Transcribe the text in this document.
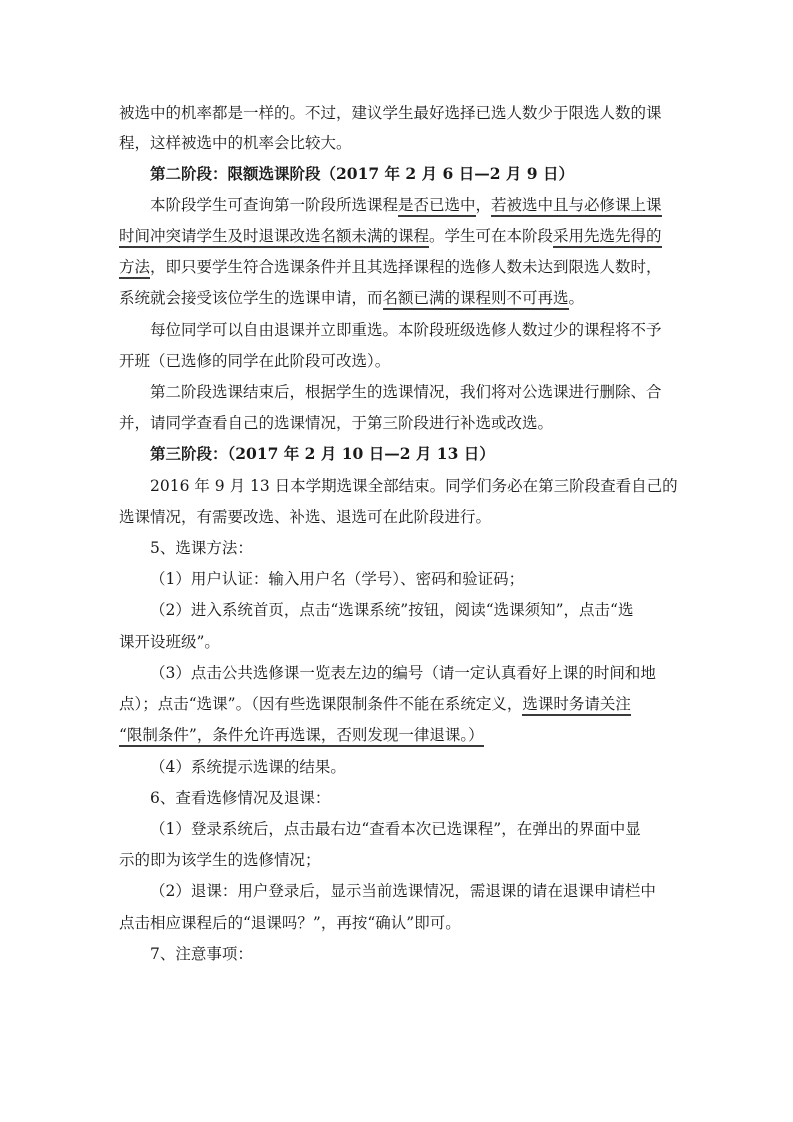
被选中的机率都是一样的。不过，建议学生最好选择已选人数少于限选人数的课
程，这样被选中的机率会比较大。
第二阶段：限额选课阶段（2017 年 2 月 6 日—2 月 9 日）
本阶段学生可查询第一阶段所选课程是否已选中，若被选中且与必修课上课
时间冲突请学生及时退课改选名额未满的课程。学生可在本阶段采用先选先得的
方法，即只要学生符合选课条件并且其选择课程的选修人数未达到限选人数时，
系统就会接受该位学生的选课申请，而名额已满的课程则不可再选。
每位同学可以自由退课并立即重选。本阶段班级选修人数过少的课程将不予
开班（已选修的同学在此阶段可改选）。
第二阶段选课结束后，根据学生的选课情况，我们将对公选课进行删除、合
并，请同学查看自己的选课情况，于第三阶段进行补选或改选。
第三阶段：（2017 年 2 月 10 日—2 月 13 日）
2016 年 9 月 13 日本学期选课全部结束。同学们务必在第三阶段查看自己的
选课情况，有需要改选、补选、退选可在此阶段进行。
5、选课方法：
（1）用户认证：输入用户名（学号）、密码和验证码；
（2）进入系统首页，点击“选课系统”按钮，阅读“选课须知”，点击“选
课开设班级”。
（3）点击公共选修课一览表左边的编号（请一定认真看好上课的时间和地
点）；点击“选课”。（因有些选课限制条件不能在系统定义，选课时务请关注
“限制条件”，条件允许再选课，否则发现一律退课。）
（4）系统提示选课的结果。
6、查看选修情况及退课：
（1）登录系统后，点击最右边“查看本次已选课程”，在弹出的界面中显
示的即为该学生的选修情况；
（2）退课：用户登录后，显示当前选课情况，需退课的请在退课申请栏中
点击相应课程后的“退课吗？”，再按“确认”即可。
7、注意事项：
